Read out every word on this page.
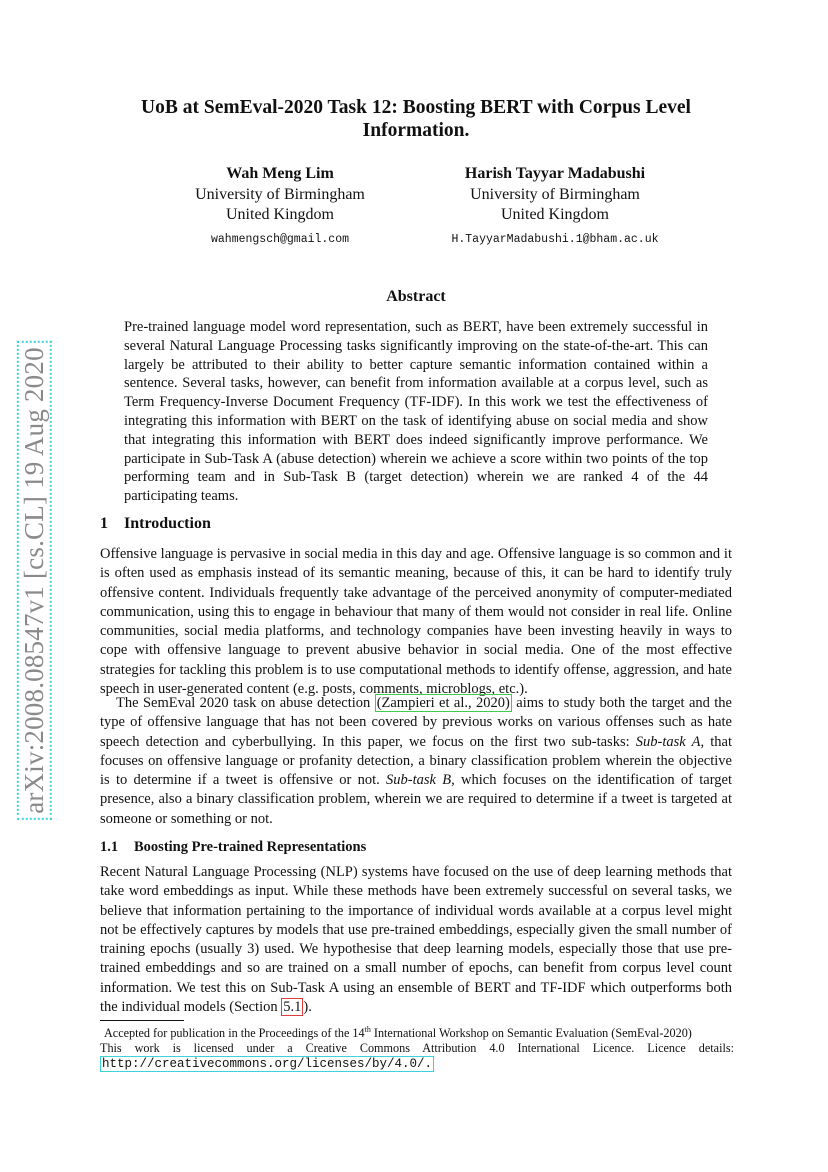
arXiv:2008.08547v1 [cs.CL] 19 Aug 2020
UoB at SemEval-2020 Task 12: Boosting BERT with Corpus Level
Information.
Wah Meng Lim
University of Birmingham
United Kingdom
wahmengsch@gmail.com
Harish Tayyar Madabushi
University of Birmingham
United Kingdom
H.TayyarMadabushi.1@bham.ac.uk
Abstract
Pre-trained language model word representation, such as BERT, have been extremely successful in several Natural Language Processing tasks significantly improving on the state-of-the-art. This can largely be attributed to their ability to better capture semantic information contained within a sentence. Several tasks, however, can benefit from information available at a corpus level, such as Term Frequency-Inverse Document Frequency (TF-IDF). In this work we test the effectiveness of integrating this information with BERT on the task of identifying abuse on social media and show that integrating this information with BERT does indeed significantly improve performance. We participate in Sub-Task A (abuse detection) wherein we achieve a score within two points of the top performing team and in Sub-Task B (target detection) wherein we are ranked 4 of the 44 participating teams.
1 Introduction

Offensive language is pervasive in social media in this day and age. Offensive language is so common and it is often used as emphasis instead of its semantic meaning, because of this, it can be hard to identify truly offensive content. Individuals frequently take advantage of the perceived anonymity of computer-mediated communication, using this to engage in behaviour that many of them would not consider in real life. Online communities, social media platforms, and technology companies have been investing heavily in ways to cope with offensive language to prevent abusive behavior in social media. One of the most effective strategies for tackling this problem is to use computational methods to identify offense, aggression, and hate speech in user-generated content (e.g. posts, comments, microblogs, etc.).

The SemEval 2020 task on abuse detection (Zampieri et al., 2020) aims to study both the target and the type of offensive language that has not been covered by previous works on various offenses such as hate speech detection and cyberbullying. In this paper, we focus on the first two sub-tasks: Sub-task A, that focuses on offensive language or profanity detection, a binary classification problem wherein the objective is to determine if a tweet is offensive or not. Sub-task B, which focuses on the identification of target presence, also a binary classification problem, wherein we are required to determine if a tweet is targeted at someone or something or not.

1.1 Boosting Pre-trained Representations

Recent Natural Language Processing (NLP) systems have focused on the use of deep learning methods that take word embeddings as input. While these methods have been extremely successful on several tasks, we believe that information pertaining to the importance of individual words available at a corpus level might not be effectively captures by models that use pre-trained embeddings, especially given the small number of training epochs (usually 3) used. We hypothesise that deep learning models, especially those that use pre-trained embeddings and so are trained on a small number of epochs, can benefit from corpus level count information. We test this on Sub-Task A using an ensemble of BERT and TF-IDF which outperforms both the individual models (Section 5.1 ).

Accepted for publication in the Proceedings of the 14th International Workshop on Semantic Evaluation (SemEval-2020)
This work is licensed under a Creative Commons Attribution 4.0 International Licence. Licence details:
http://creativecommons.org/licenses/by/4.0/.
